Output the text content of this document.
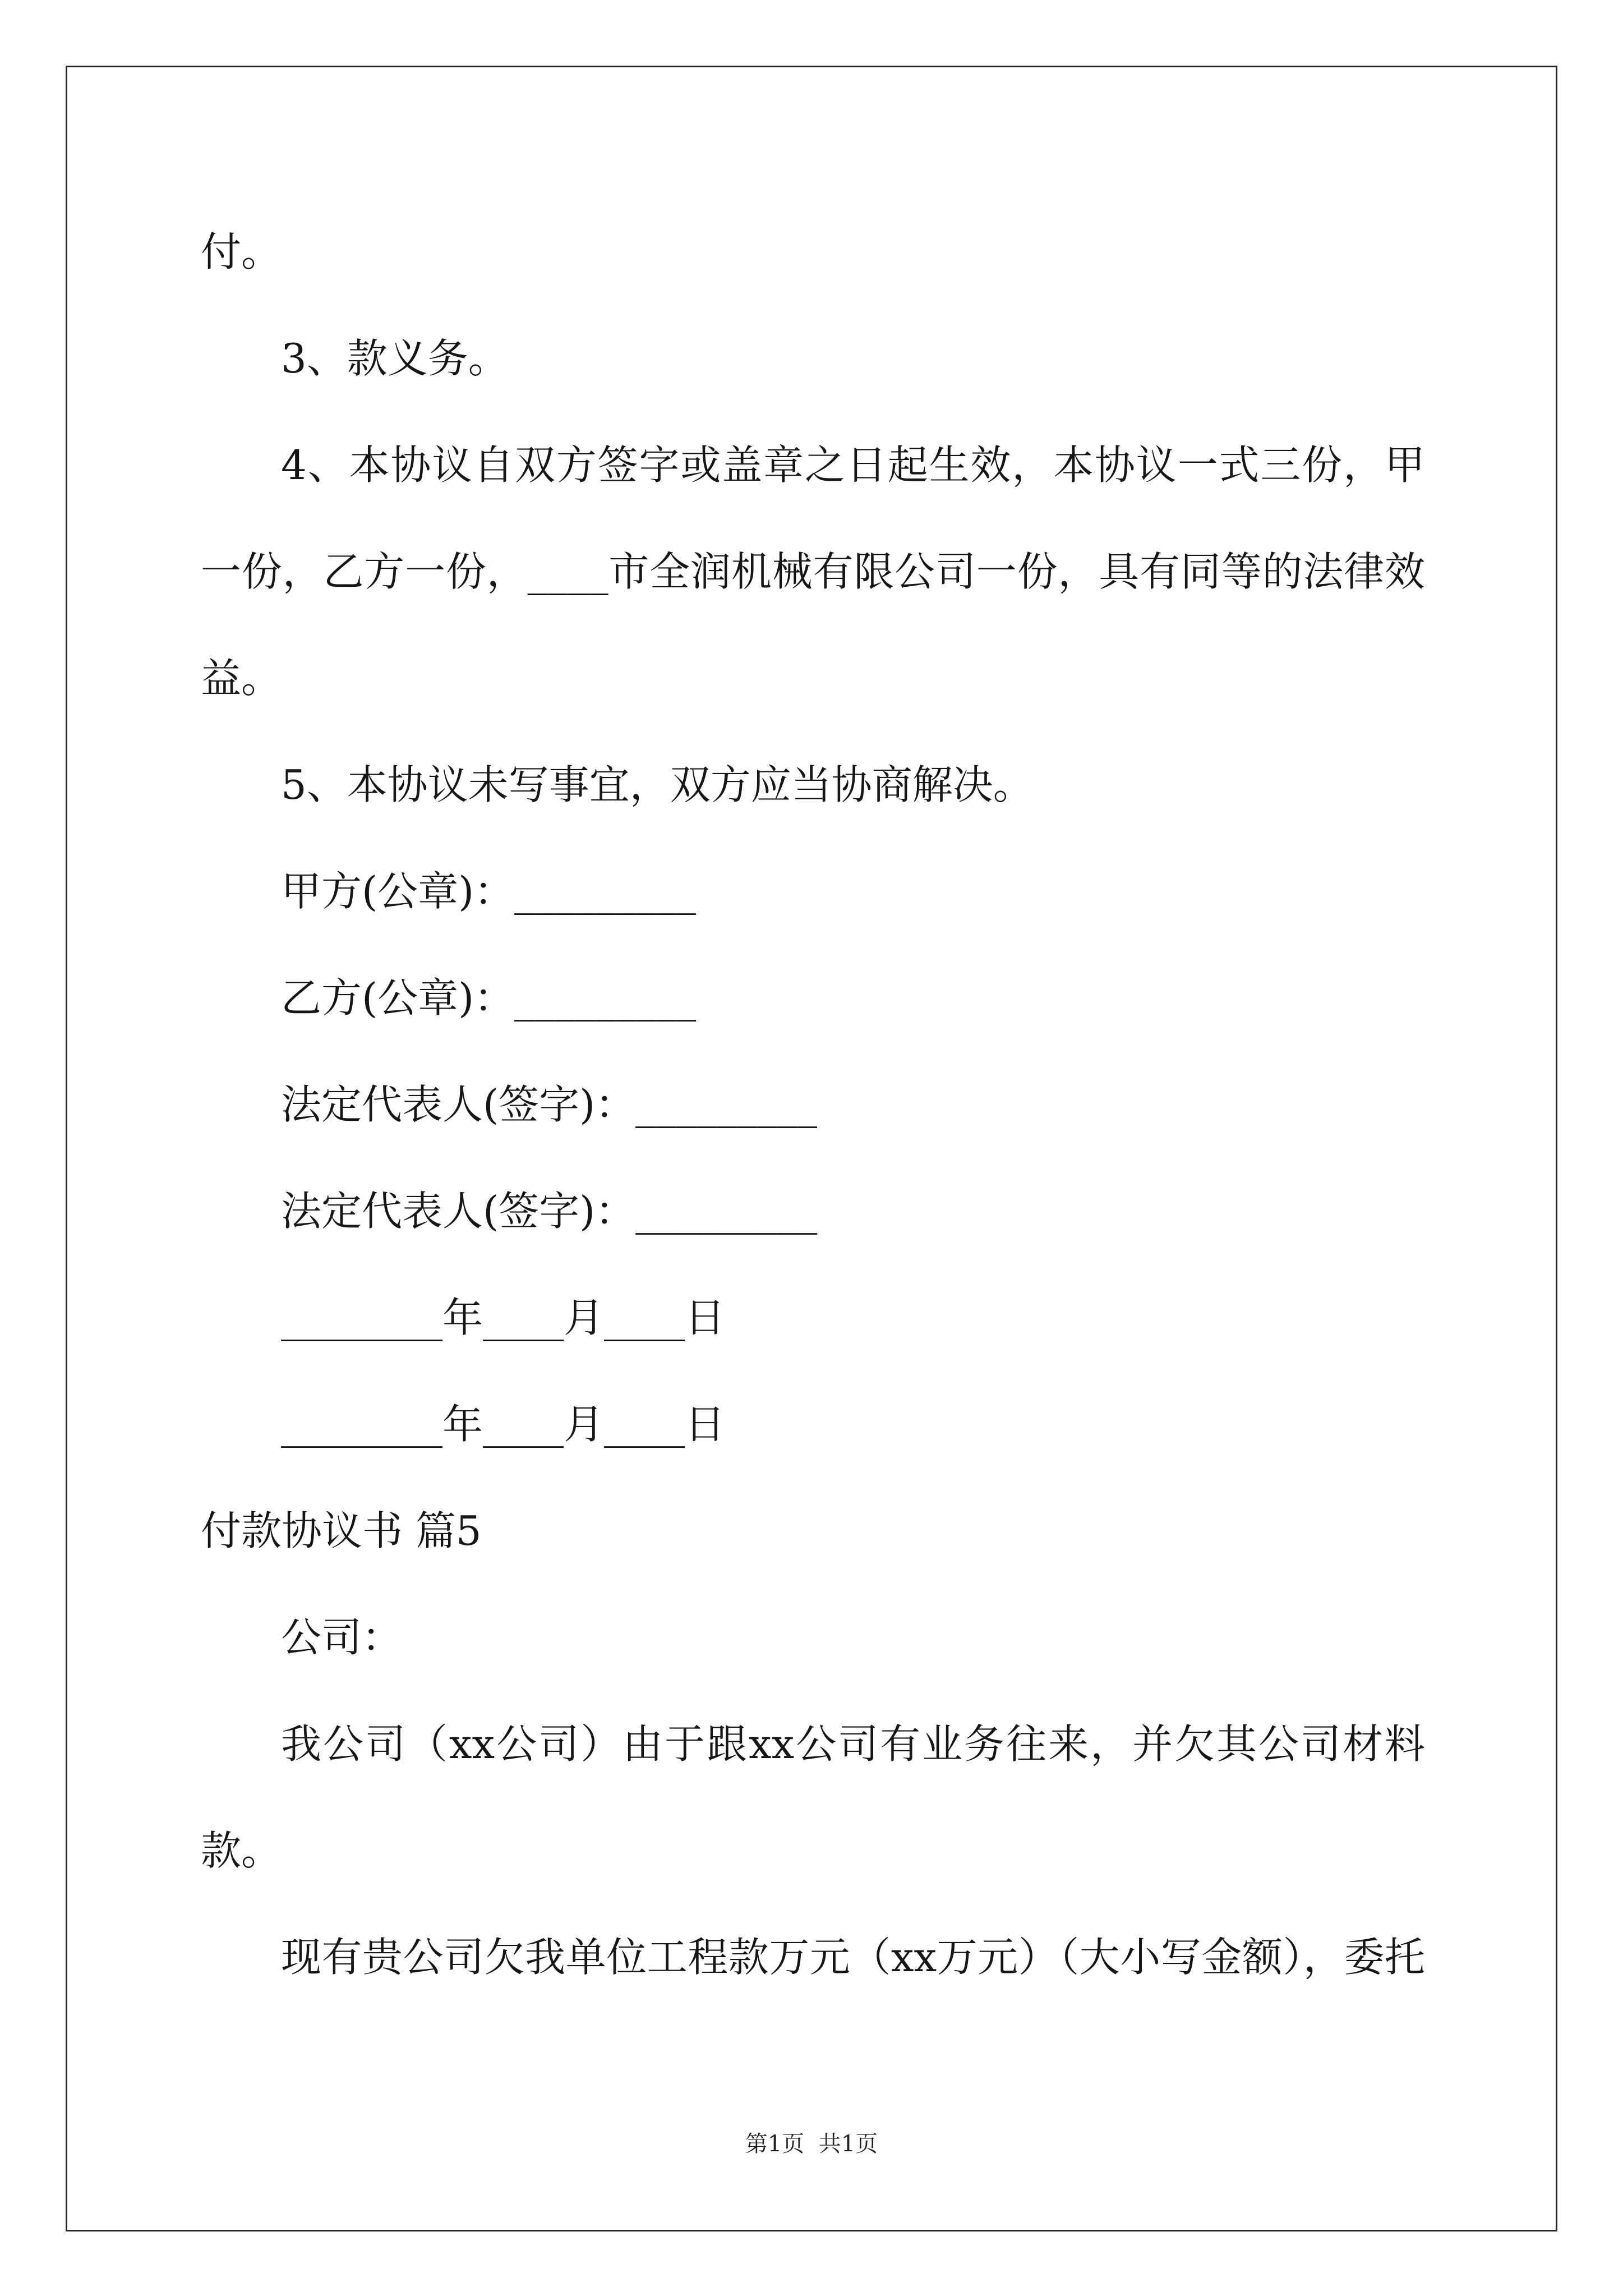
付。
3、款义务。
4、本协议自双方签字或盖章之日起生效，本协议一式三份，甲
一份，乙方一份，____市全润机械有限公司一份，具有同等的法律效
益。
5、本协议未写事宜，双方应当协商解决。
甲方(公章)：_________
乙方(公章)：_________
法定代表人(签字)：_________
法定代表人(签字)：_________
________年____月____日
________年____月____日
付款协议书 篇5
公司：
我公司（xx公司）由于跟xx公司有业务往来，并欠其公司材料
款。
现有贵公司欠我单位工程款万元（xx万元）（大小写金额），委托
第1页  共1页
